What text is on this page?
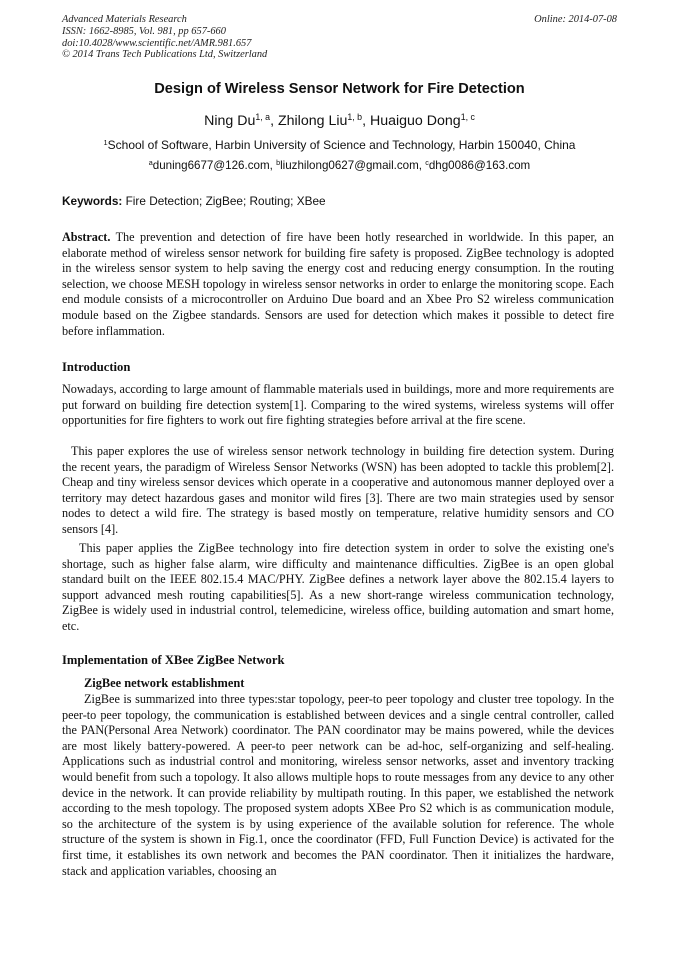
Advanced Materials Research	Online: 2014-07-08
ISSN: 1662-8985, Vol. 981, pp 657-660
doi:10.4028/www.scientific.net/AMR.981.657
© 2014 Trans Tech Publications Ltd, Switzerland
Design of Wireless Sensor Network for Fire Detection
Ning Du$^{1, a}$, Zhilong Liu$^{1, b}$, Huaiguo Dong$^{1, c}$
$^1$School of Software, Harbin University of Science and Technology, Harbin 150040, China
$^a$duning6677@126.com, $^b$liuzhilong0627@gmail.com, $^c$dhg0086@163.com
Keywords: Fire Detection; ZigBee; Routing; XBee

Abstract. The prevention and detection of fire have been hotly researched in worldwide. In this paper, an elaborate method of wireless sensor network for building fire safety is proposed. ZigBee technology is adopted in the wireless sensor system to help saving the energy cost and reducing energy consumption. In the routing selection, we choose MESH topology in wireless sensor networks in order to enlarge the monitoring scope. Each end module consists of a microcontroller on Arduino Due board and an Xbee Pro S2 wireless communication module based on the Zigbee standards. Sensors are used for detection which makes it possible to detect fire before inflammation.

Introduction

Nowadays, according to large amount of flammable materials used in buildings, more and more requirements are put forward on building fire detection system[1]. Comparing to the wired systems, wireless systems will offer opportunities for fire fighters to work out fire fighting strategies before arrival at the fire scene.

This paper explores the use of wireless sensor network technology in building fire detection system. During the recent years, the paradigm of Wireless Sensor Networks (WSN) has been adopted to tackle this problem[2]. Cheap and tiny wireless sensor devices which operate in a cooperative and autonomous manner deployed over a territory may detect hazardous gases and monitor wild fires [3]. There are two main strategies used by sensor nodes to detect a wild fire. The strategy is based mostly on temperature, relative humidity sensors and CO sensors [4].

This paper applies the ZigBee technology into fire detection system in order to solve the existing one's shortage, such as higher false alarm, wire difficulty and maintenance difficulties. ZigBee is an open global standard built on the IEEE 802.15.4 MAC/PHY. ZigBee defines a network layer above the 802.15.4 layers to support advanced mesh routing capabilities[5]. As a new short-range wireless communication technology, ZigBee is widely used in industrial control, telemedicine, wireless office, building automation and smart home, etc.

Implementation of XBee ZigBee Network
ZigBee network establishment

ZigBee is summarized into three types:star topology, peer-to peer topology and cluster tree topology. In the peer-to peer topology, the communication is established between devices and a single central controller, called the PAN(Personal Area Network) coordinator. The PAN coordinator may be mains powered, while the devices are most likely battery-powered. A peer-to peer network can be ad-hoc, self-organizing and self-healing. Applications such as industrial control and monitoring, wireless sensor networks, asset and inventory tracking would benefit from such a topology. It also allows multiple hops to route messages from any device to any other device in the network. It can provide reliability by multipath routing. In this paper, we established the network according to the mesh topology. The proposed system adopts XBee Pro S2 which is as communication module, so the architecture of the system is by using experience of the available solution for reference. The whole structure of the system is shown in Fig.1, once the coordinator (FFD, Full Function Device) is activated for the first time, it establishes its own network and becomes the PAN coordinator. Then it initializes the hardware, stack and application variables, choosing an
